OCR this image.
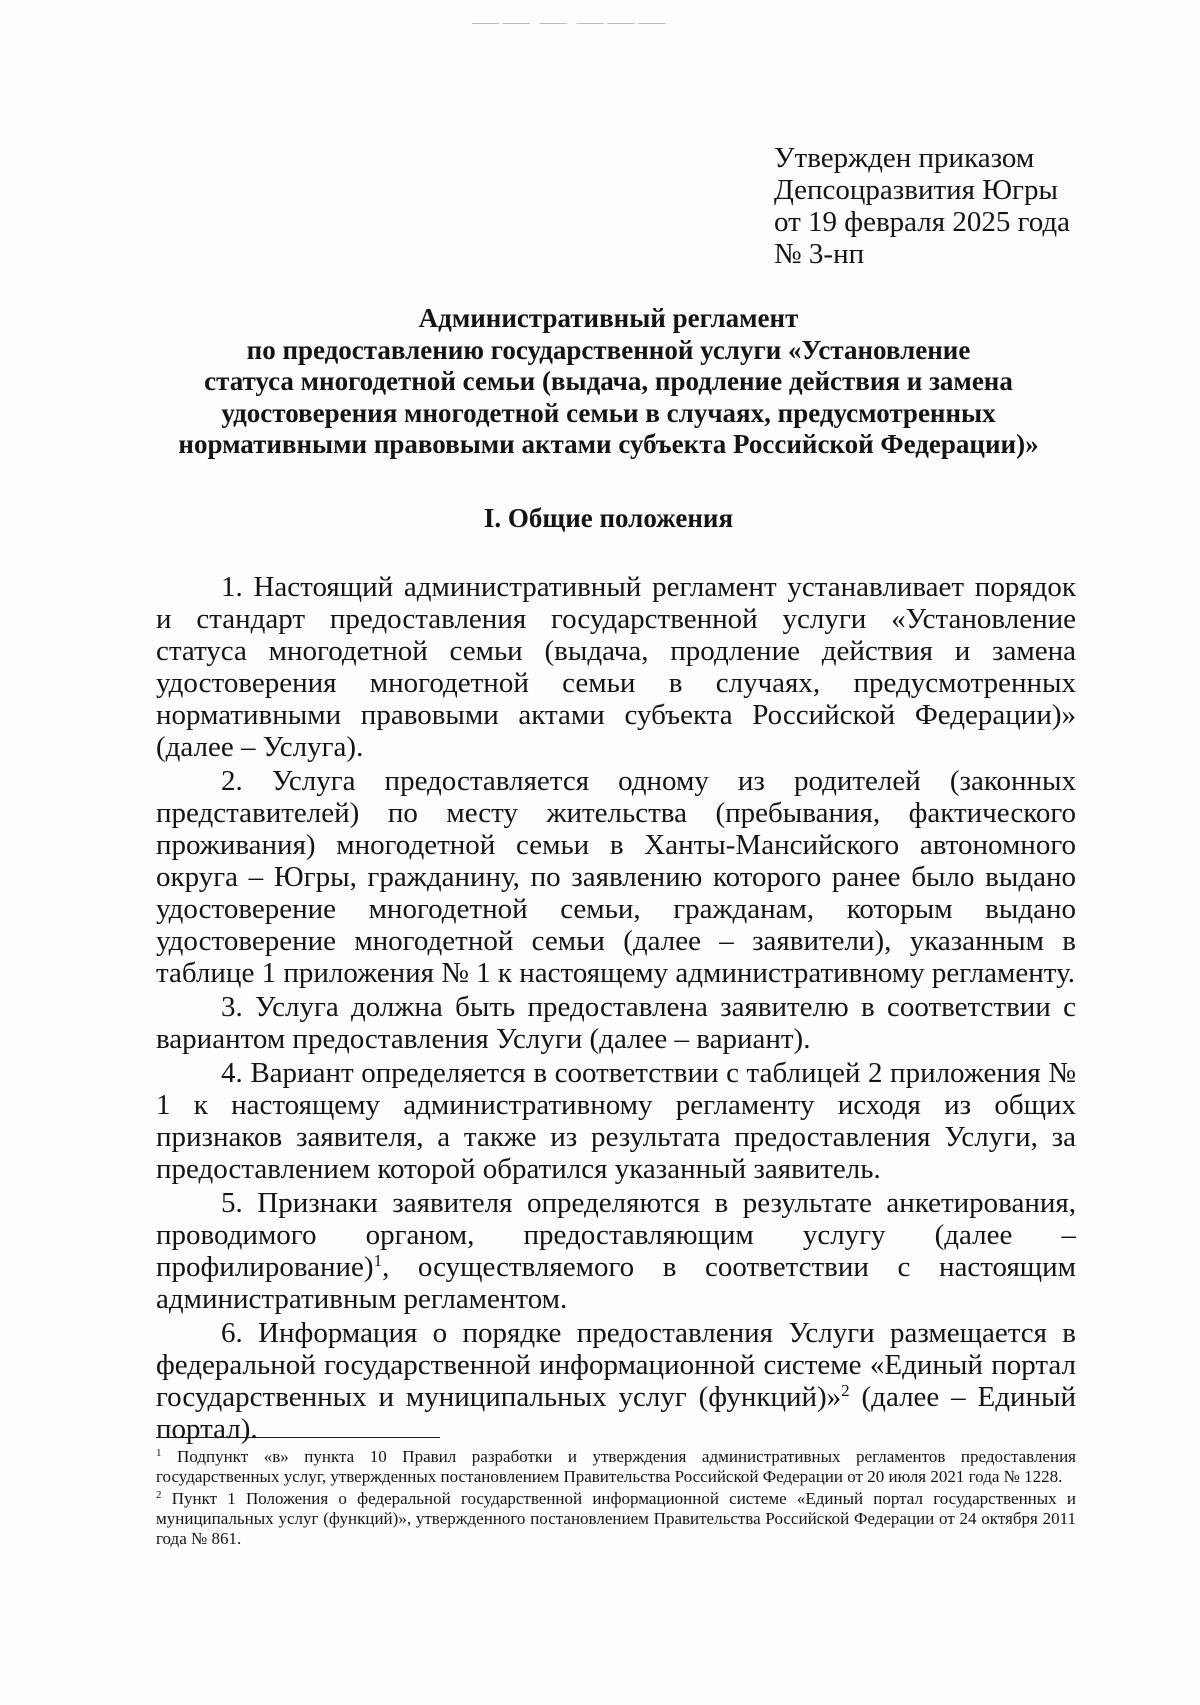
⸺⸺ ⸺ ⸺⸺⸺
Утвержден приказом
Депсоцразвития Югры
от 19 февраля 2025 года
№ 3-нп
Административный регламент
по предоставлению государственной услуги «Установление
статуса многодетной семьи (выдача, продление действия и замена
удостоверения многодетной семьи в случаях, предусмотренных
нормативными правовыми актами субъекта Российской Федерации)»
I. Общие положения

1. Настоящий административный регламент устанавливает порядок и стандарт предоставления государственной услуги «Установление статуса многодетной семьи (выдача, продление действия и замена удостоверения многодетной семьи в случаях, предусмотренных нормативными правовыми актами субъекта Российской Федерации)» (далее – Услуга).

2. Услуга предоставляется одному из родителей (законных представителей) по месту жительства (пребывания, фактического проживания) многодетной семьи в Ханты-Мансийского автономного округа – Югры, гражданину, по заявлению которого ранее было выдано удостоверение многодетной семьи, гражданам, которым выдано удостоверение многодетной семьи (далее – заявители), указанным в таблице 1 приложения № 1 к настоящему административному регламенту.

3. Услуга должна быть предоставлена заявителю в соответствии с вариантом предоставления Услуги (далее – вариант).

4. Вариант определяется в соответствии с таблицей 2 приложения № 1 к настоящему административному регламенту исходя из общих признаков заявителя, а также из результата предоставления Услуги, за предоставлением которой обратился указанный заявитель.

5. Признаки заявителя определяются в результате анкетирования, проводимого органом, предоставляющим услугу (далее – профилирование)$^1$, осуществляемого в соответствии с настоящим административным регламентом.

6. Информация о порядке предоставления Услуги размещается в федеральной государственной информационной системе «Единый портал государственных и муниципальных услуг (функций)»$^2$ (далее – Единый портал).

$^1$ Подпункт «в» пункта 10 Правил разработки и утверждения административных регламентов предоставления государственных услуг, утвержденных постановлением Правительства Российской Федерации от 20 июля 2021 года № 1228.

$^2$ Пункт 1 Положения о федеральной государственной информационной системе «Единый портал государственных и муниципальных услуг (функций)», утвержденного постановлением Правительства Российской Федерации от 24 октября 2011 года № 861.
